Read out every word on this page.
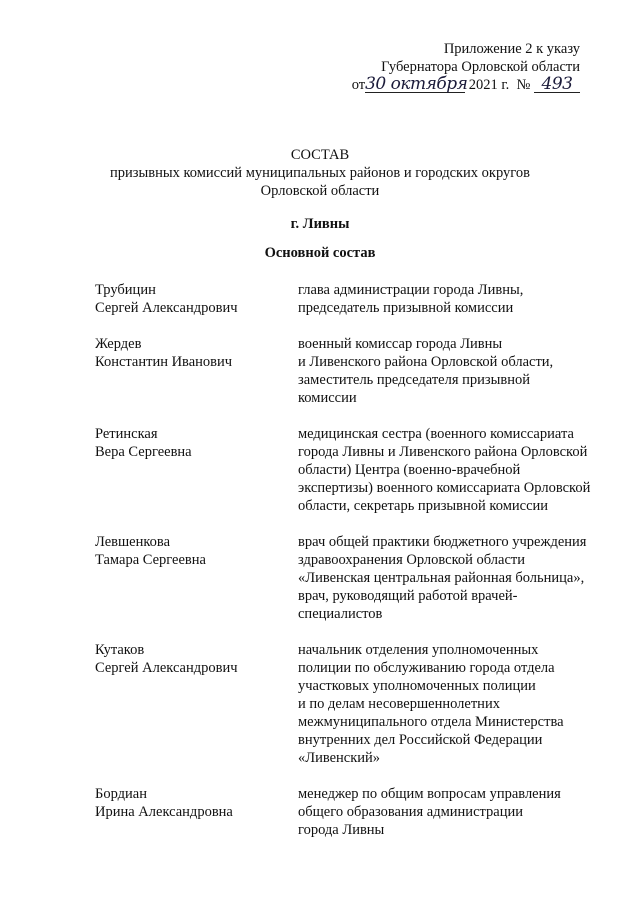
Приложение 2 к указу
Губернатора Орловской области
от30 октября 2021 г. № 493
СОСТАВ
призывных комиссий муниципальных районов и городских округов
Орловской области
г. Ливны
Основной состав
Трубицин
Сергей Александрович
глава администрации города Ливны,
председатель призывной комиссии
Жердев
Константин Иванович
военный комиссар города Ливны
и Ливенского района Орловской области,
заместитель председателя призывной
комиссии
Ретинская
Вера Сергеевна
медицинская сестра (военного комиссариата
города Ливны и Ливенского района Орловской
области) Центра (военно-врачебной
экспертизы) военного комиссариата Орловской
области, секретарь призывной комиссии
Левшенкова
Тамара Сергеевна
врач общей практики бюджетного учреждения
здравоохранения Орловской области
«Ливенская центральная районная больница»,
врач, руководящий работой врачей-
специалистов
Кутаков
Сергей Александрович
начальник отделения уполномоченных
полиции по обслуживанию города отдела
участковых уполномоченных полиции
и по делам несовершеннолетних
межмуниципального отдела Министерства
внутренних дел Российской Федерации
«Ливенский»
Бордиан
Ирина Александровна
менеджер по общим вопросам управления
общего образования администрации
города Ливны
